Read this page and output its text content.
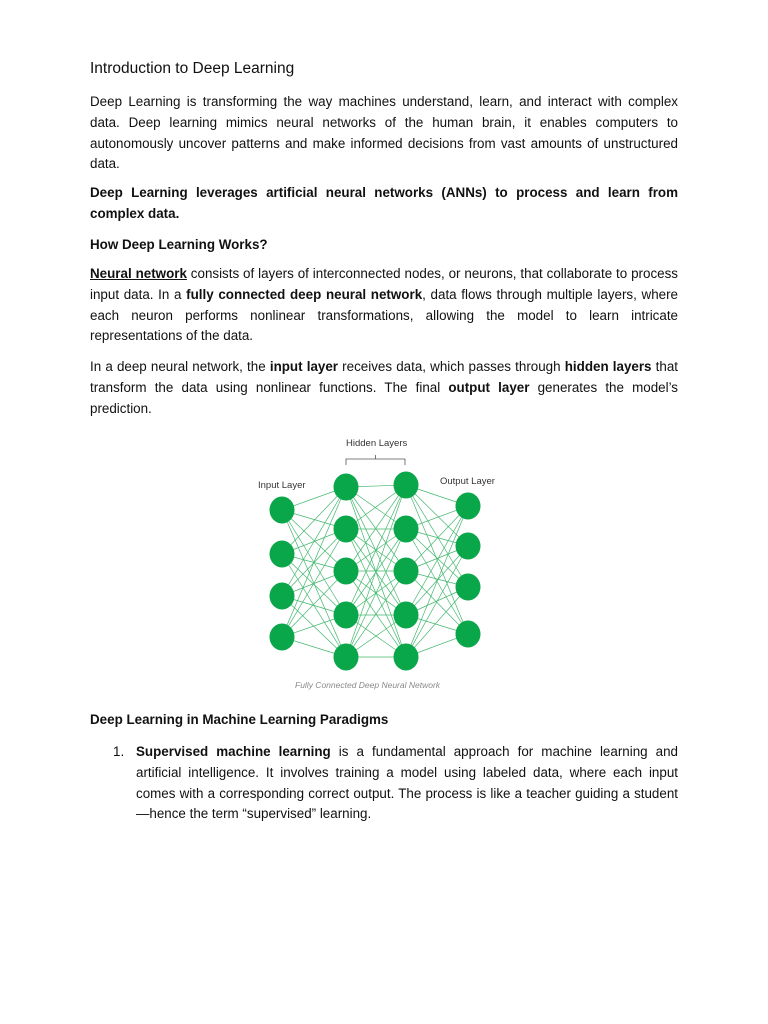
Introduction to Deep Learning
Deep Learning is transforming the way machines understand, learn, and interact with complex data. Deep learning mimics neural networks of the human brain, it enables computers to autonomously uncover patterns and make informed decisions from vast amounts of unstructured data.
Deep Learning leverages artificial neural networks (ANNs) to process and learn from complex data.
How Deep Learning Works?
Neural network consists of layers of interconnected nodes, or neurons, that collaborate to process input data. In a fully connected deep neural network, data flows through multiple layers, where each neuron performs nonlinear transformations, allowing the model to learn intricate representations of the data.
In a deep neural network, the input layer receives data, which passes through hidden layers that transform the data using nonlinear functions. The final output layer generates the model’s prediction.
Hidden Layers
Input Layer	Output Layer
Fully Connected Deep Neural Network
Deep Learning in Machine Learning Paradigms
1. Supervised machine learning is a fundamental approach for machine learning and artificial intelligence. It involves training a model using labeled data, where each input comes with a corresponding correct output. The process is like a teacher guiding a student—hence the term “supervised” learning.
